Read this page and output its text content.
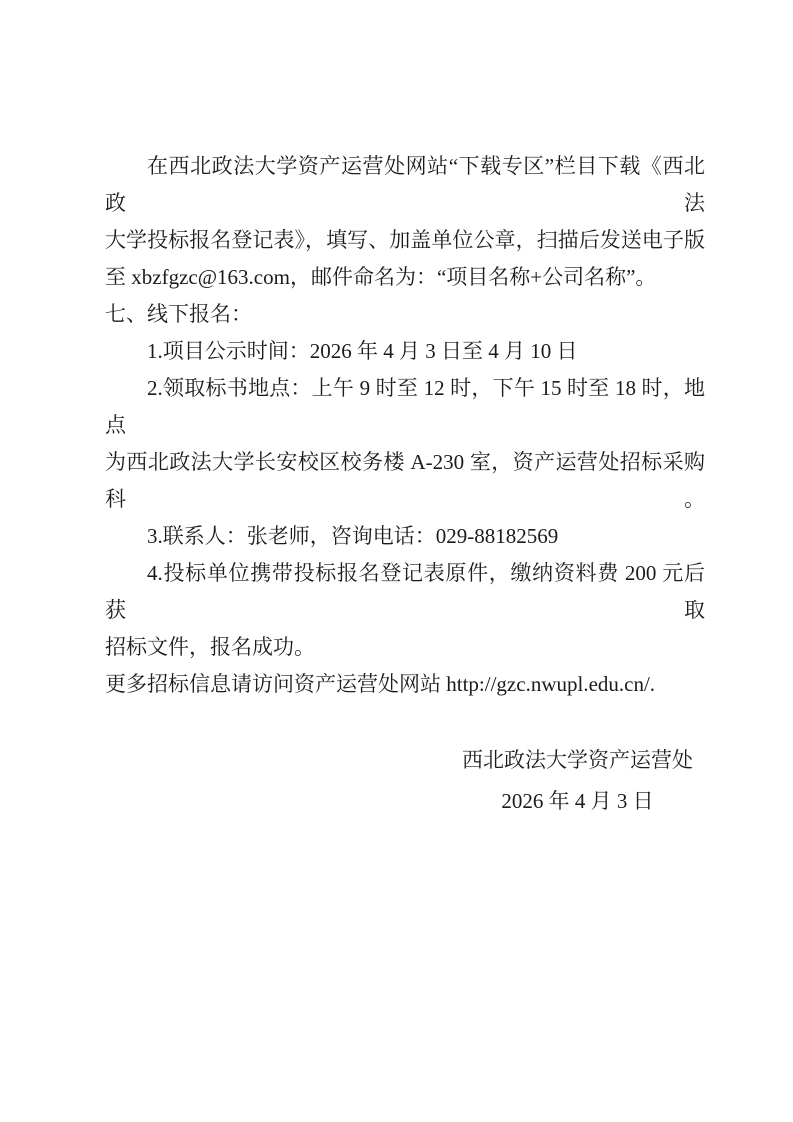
在西北政法大学资产运营处网站“下载专区”栏目下载《西北政法

大学投标报名登记表》，填写、加盖单位公章，扫描后发送电子版

至 xbzfgzc@163.com，邮件命名为：“项目名称+公司名称”。

七、线下报名：

1.项目公示时间：2026 年 4 月 3 日至 4 月 10 日

2.领取标书地点：上午 9 时至 12 时，下午 15 时至 18 时，地点

为西北政法大学长安校区校务楼 A-230 室，资产运营处招标采购科。

3.联系人：张老师，咨询电话：029-88182569

4.投标单位携带投标报名登记表原件，缴纳资料费 200 元后获取

招标文件，报名成功。

更多招标信息请访问资产运营处网站 http://gzc.nwupl.edu.cn/.

西北政法大学资产运营处

2026 年 4 月 3 日
